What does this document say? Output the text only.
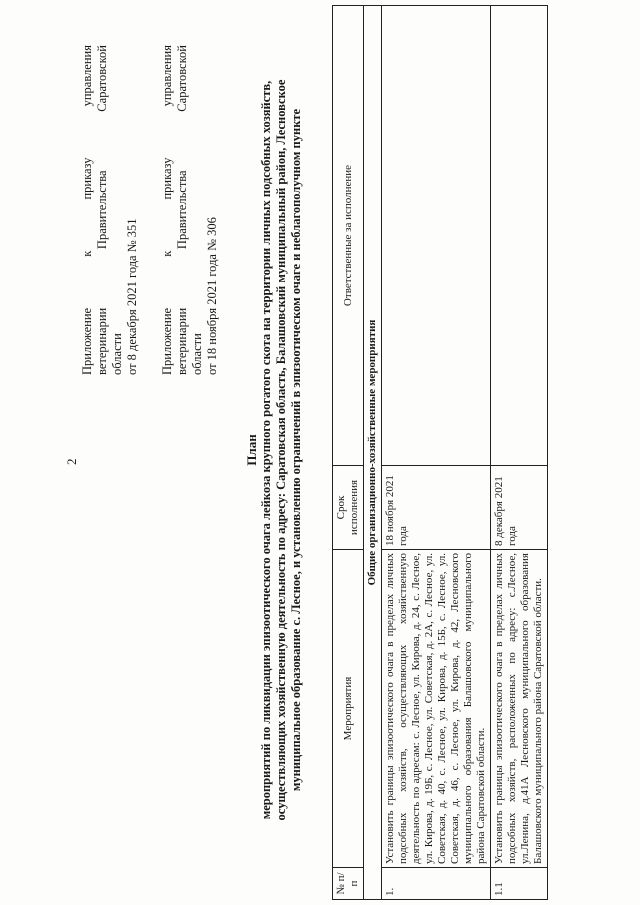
2
Приложение
к
приказу
управления
ветеринарии
Правительства
Саратовской
области от 8 декабря 2021 года № 351 Приложение
к
приказу
управления
ветеринарии
Правительства
Саратовской
области от 18 ноября 2021 года № 306
План мероприятий по ликвидации эпизоотического очага лейкоза крупного рогатого скота на территории личных подсобных хозяйств, осуществляющих хозяйственную деятельность по адресу: Саратовская область, Балашовский муниципальный район, Лесновское муниципальное образование с. Лесное, и установлению ограничений в эпизоотическом очаге и неблагополучном пункте
№ п/п	Мероприятия	Срок исполнения	Ответственные за исполнение
Общие организационно-хозяйственные мероприятия			
1.	Установить границы эпизоотического очага в пределах личных подсобных хозяйств, осуществляющих хозяйственную деятельность по адресам: с. Лесное, ул. Кирова, д. 24, с. Лесное, ул. Кирова, д. 19Б, с. Лесное, ул. Советская, д. 2А, с. Лесное, ул. Советская, д. 40, с. Лесное, ул. Кирова, д. 15Б, с. Лесное, ул. Советская, д. 46, с. Лесное, ул. Кирова, д. 42, Лесновского муниципального образования Балашовского муниципального района Саратовской области.	18 ноября 2021 года	
1.1	Установить границы эпизоотического очага в пределах личных подсобных хозяйств, расположенных по адресу: с.Лесное, ул.Ленина, д.41А Лесновского муниципального образования Балашовского муниципального района Саратовской области.	8 декабря 2021 года	
